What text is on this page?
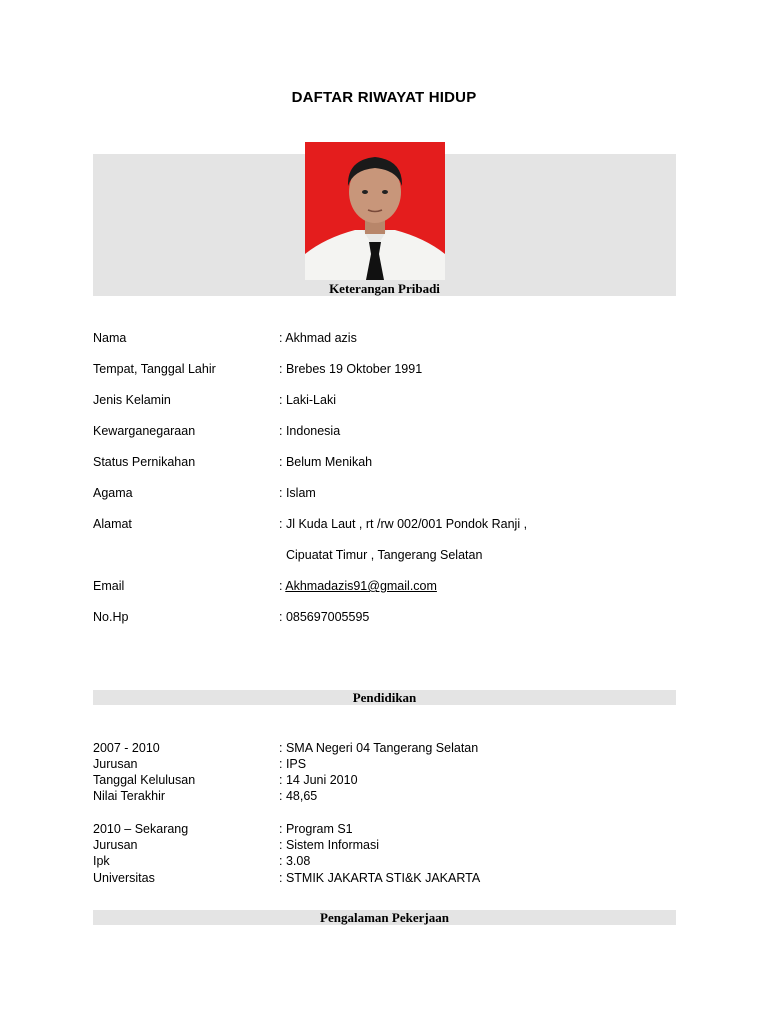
DAFTAR RIWAYAT HIDUP
Keterangan Pribadi
Nama	: Akhmad azis
Tempat, Tanggal Lahir	: Brebes 19 Oktober 1991
Jenis Kelamin	: Laki-Laki
Kewarganegaraan	: Indonesia
Status Pernikahan	: Belum Menikah
Agama	: Islam
Alamat	: Jl Kuda Laut , rt /rw 002/001 Pondok Ranji ,
Cipuatat Timur , Tangerang Selatan
Email	: Akhmadazis91@gmail.com
No.Hp	: 085697005595
Pendidikan
2007 - 2010	: SMA Negeri 04 Tangerang Selatan
Jurusan	: IPS
Tanggal Kelulusan	: 14 Juni 2010
Nilai Terakhir	: 48,65
2010 – Sekarang	: Program S1
Jurusan	: Sistem Informasi
Ipk	: 3.08
Universitas	: STMIK JAKARTA STI&K JAKARTA
Pengalaman Pekerjaan
